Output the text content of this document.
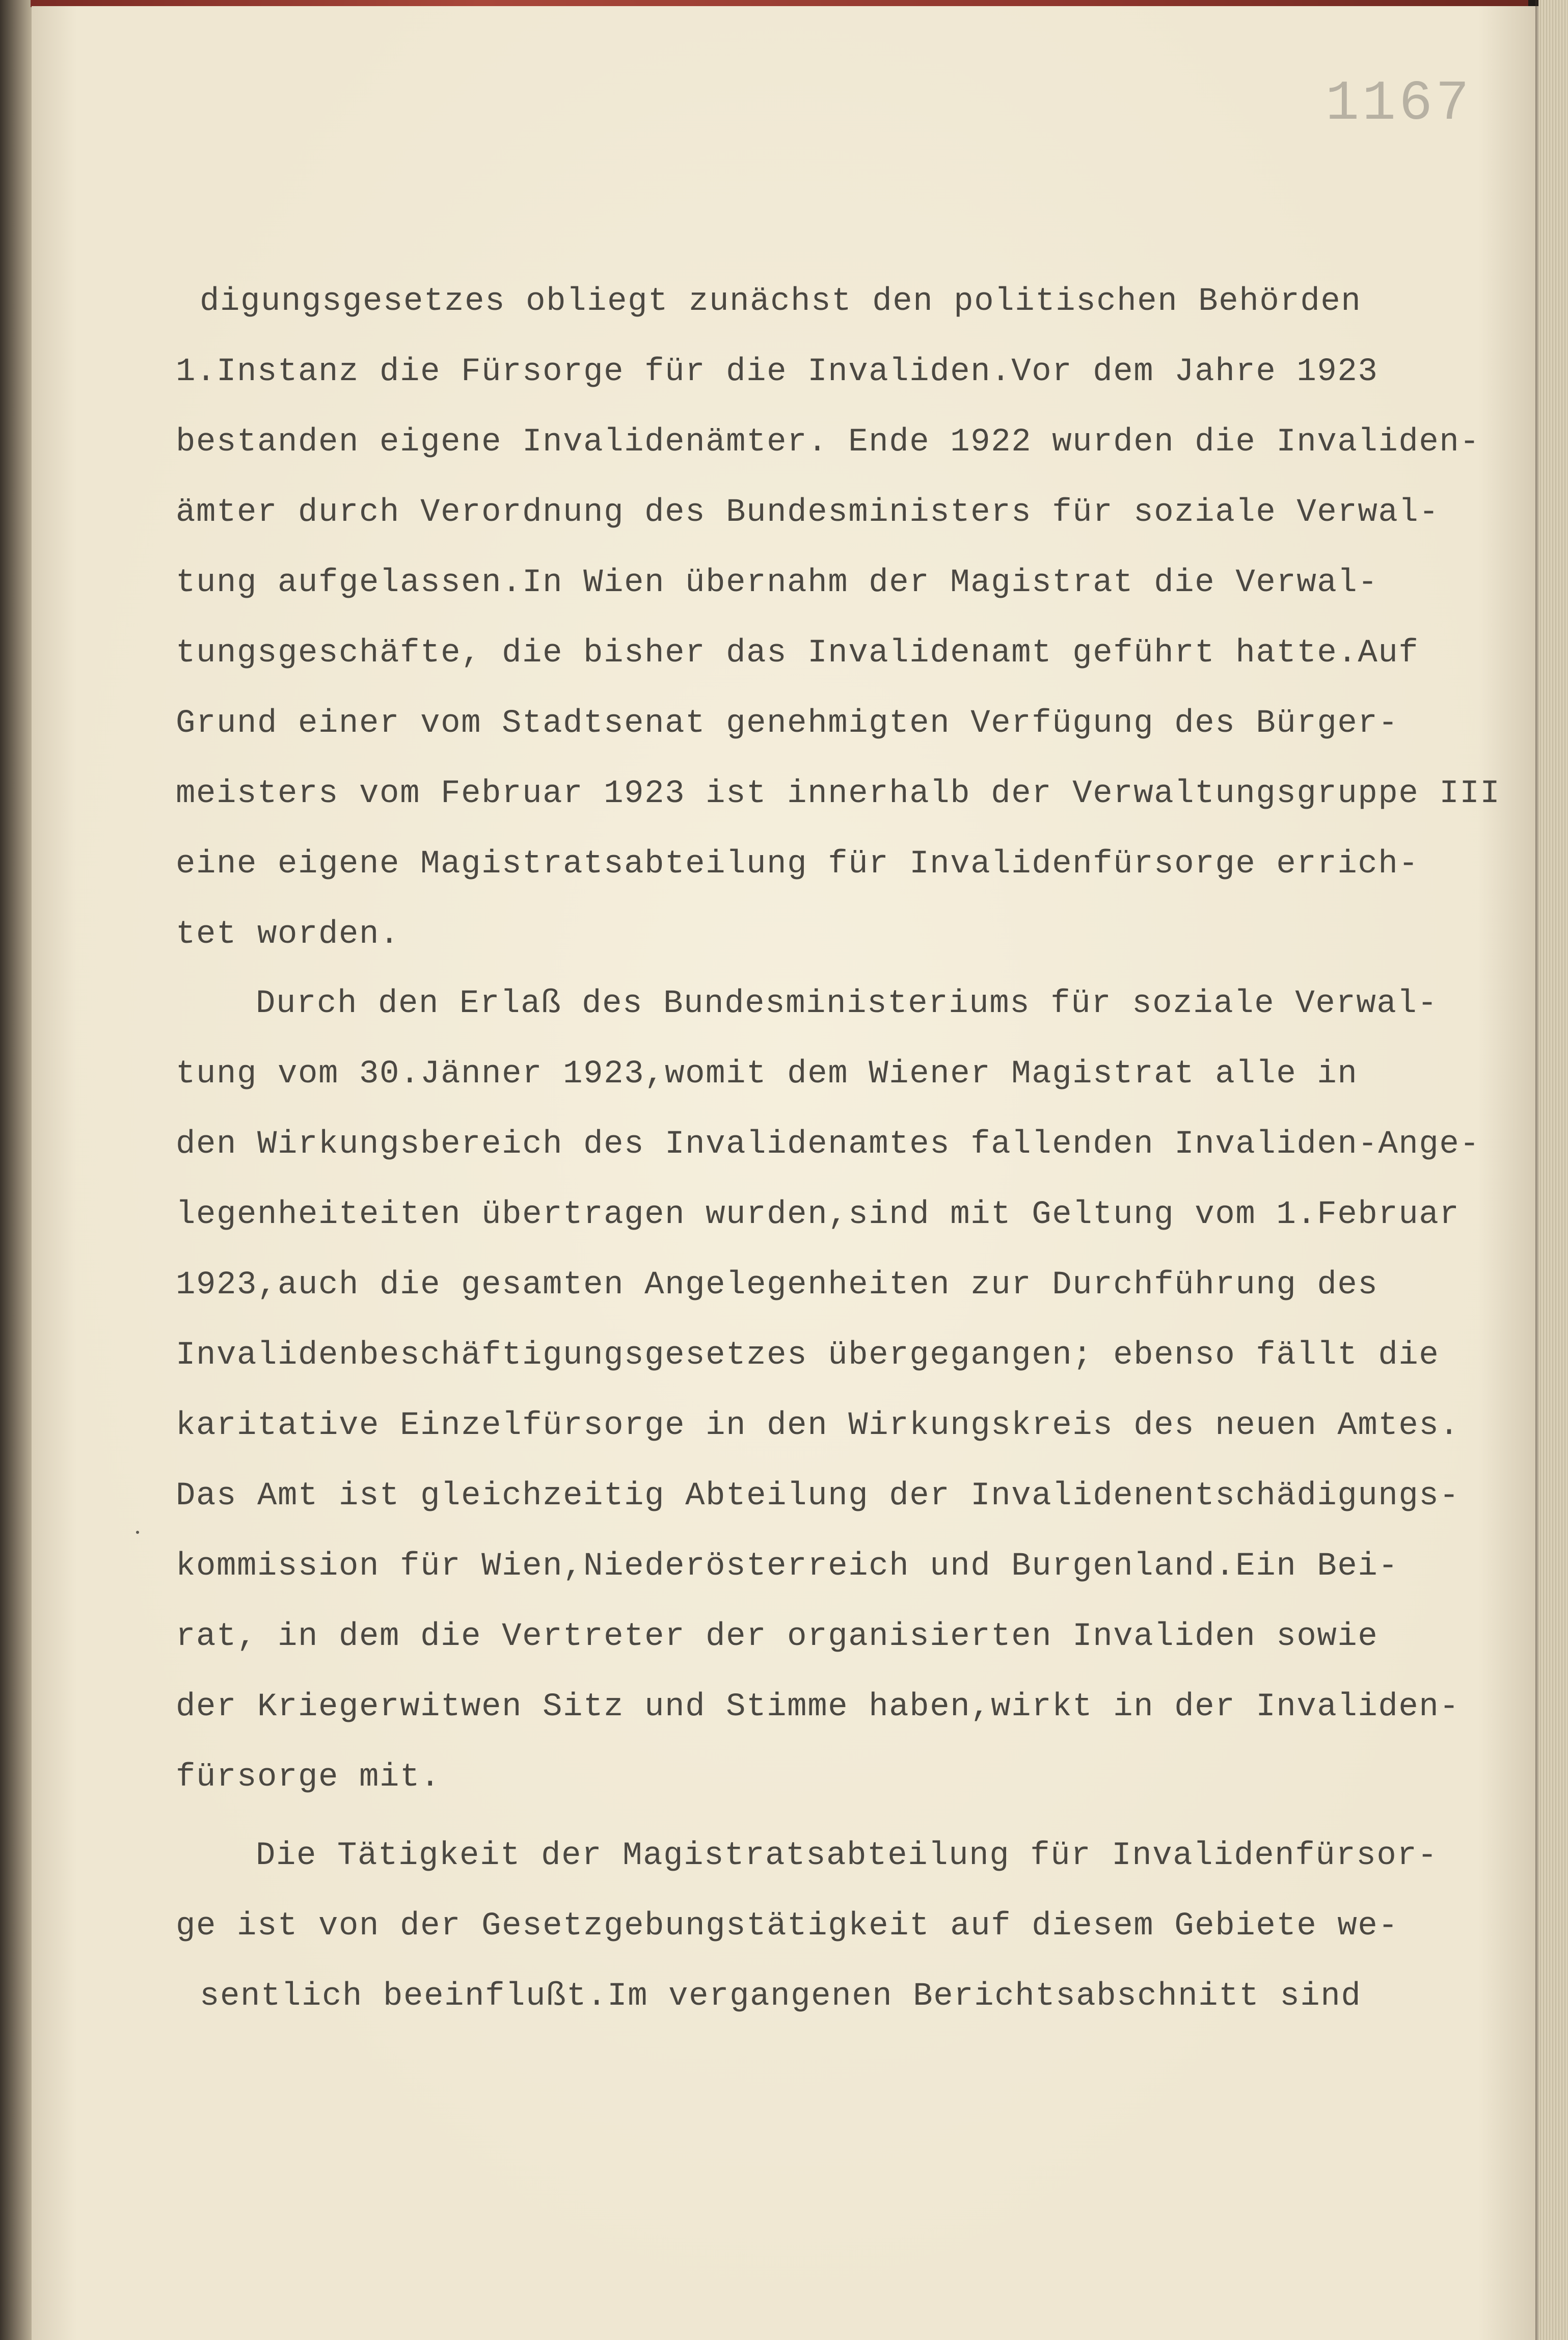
1167

digungsgesetzes obliegt zunächst den politischen Behörden
1.Instanz die Fürsorge für die Invaliden.Vor dem Jahre 1923
bestanden eigene Invalidenämter. Ende 1922 wurden die Invaliden-
ämter durch Verordnung des Bundesministers für soziale Verwal-
tung aufgelassen.In Wien übernahm der Magistrat die Verwal-
tungsgeschäfte, die bisher das Invalidenamt geführt hatte.Auf
Grund einer vom Stadtsenat genehmigten Verfügung des Bürger-
meisters vom Februar 1923 ist innerhalb der Verwaltungsgruppe III
eine eigene Magistratsabteilung für Invalidenfürsorge errich-
tet worden.
Durch den Erlaß des Bundesministeriums für soziale Verwal-
tung vom 30.Jänner 1923,womit dem Wiener Magistrat alle in
den Wirkungsbereich des Invalidenamtes fallenden Invaliden-Ange-
legenheiteiten übertragen wurden,sind mit Geltung vom 1.Februar
1923,auch die gesamten Angelegenheiten zur Durchführung des
Invalidenbeschäftigungsgesetzes übergegangen; ebenso fällt die
karitative Einzelfürsorge in den Wirkungskreis des neuen Amtes.
Das Amt ist gleichzeitig Abteilung der Invalidenentschädigungs-
kommission für Wien,Niederösterreich und Burgenland.Ein Bei-
rat, in dem die Vertreter der organisierten Invaliden sowie
der Kriegerwitwen Sitz und Stimme haben,wirkt in der Invaliden-
fürsorge mit.
Die Tätigkeit der Magistratsabteilung für Invalidenfürsor-
ge ist von der Gesetzgebungstätigkeit auf diesem Gebiete we-
sentlich beeinflußt.Im vergangenen Berichtsabschnitt sind
